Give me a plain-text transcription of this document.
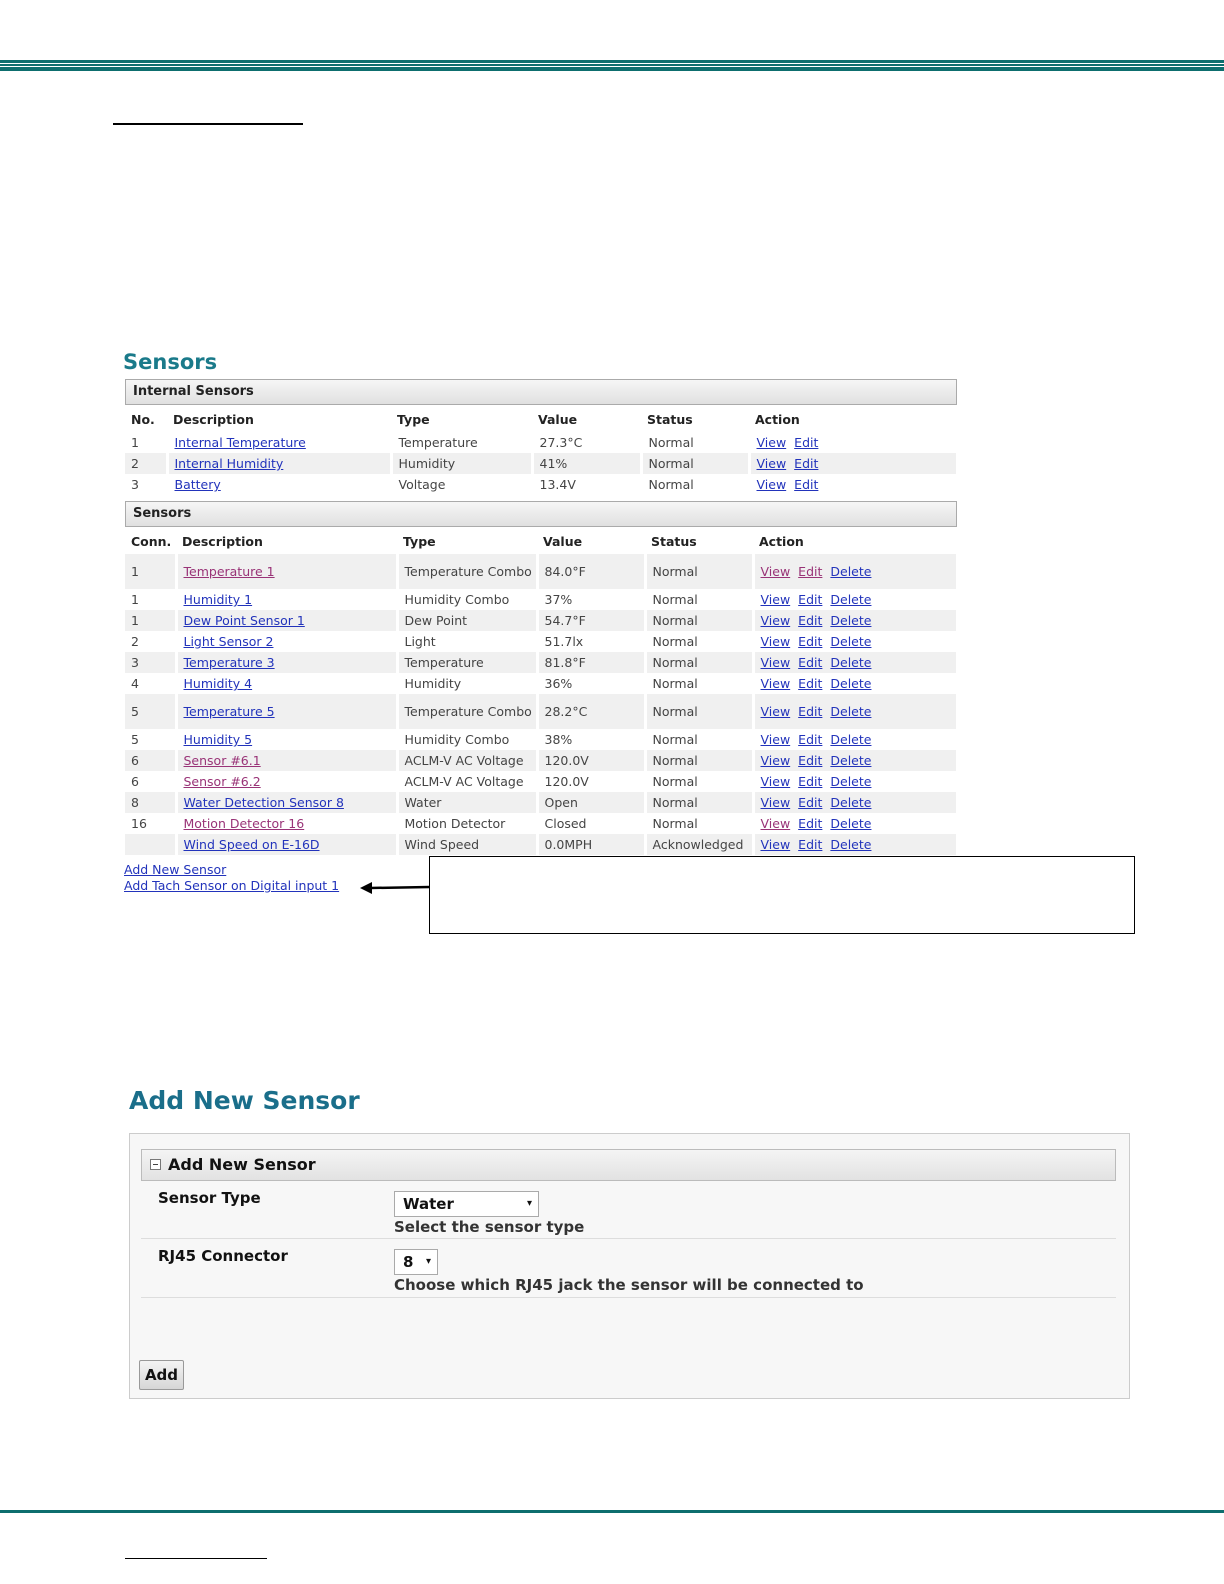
Sensors
Internal Sensors
No.	Description	Type	Value	Status	Action
1	Internal Temperature	Temperature	27.3°C	Normal	View Edit
2	Internal Humidity	Humidity	41%	Normal	View Edit
3	Battery	Voltage	13.4V	Normal	View Edit
Sensors
Conn.	Description	Type	Value	Status	Action
1	Temperature 1	Temperature Combo	84.0°F	Normal	View Edit Delete
1	Humidity 1	Humidity Combo	37%	Normal	View Edit Delete
1	Dew Point Sensor 1	Dew Point	54.7°F	Normal	View Edit Delete
2	Light Sensor 2	Light	51.7lx	Normal	View Edit Delete
3	Temperature 3	Temperature	81.8°F	Normal	View Edit Delete
4	Humidity 4	Humidity	36%	Normal	View Edit Delete
5	Temperature 5	Temperature Combo	28.2°C	Normal	View Edit Delete
5	Humidity 5	Humidity Combo	38%	Normal	View Edit Delete
6	Sensor #6.1	ACLM-V AC Voltage	120.0V	Normal	View Edit Delete
6	Sensor #6.2	ACLM-V AC Voltage	120.0V	Normal	View Edit Delete
8	Water Detection Sensor 8	Water	Open	Normal	View Edit Delete
16	Motion Detector 16	Motion Detector	Closed	Normal	View Edit Delete
	Wind Speed on E-16D	Wind Speed	0.0MPH	Acknowledged	View Edit Delete
Add New Sensor
Add Tach Sensor on Digital input 1
Add New Sensor
Add New Sensor
Sensor Type	Water	▾
Select the sensor type
RJ45 Connector	8 ▾
Choose which RJ45 jack the sensor will be connected to
Add
